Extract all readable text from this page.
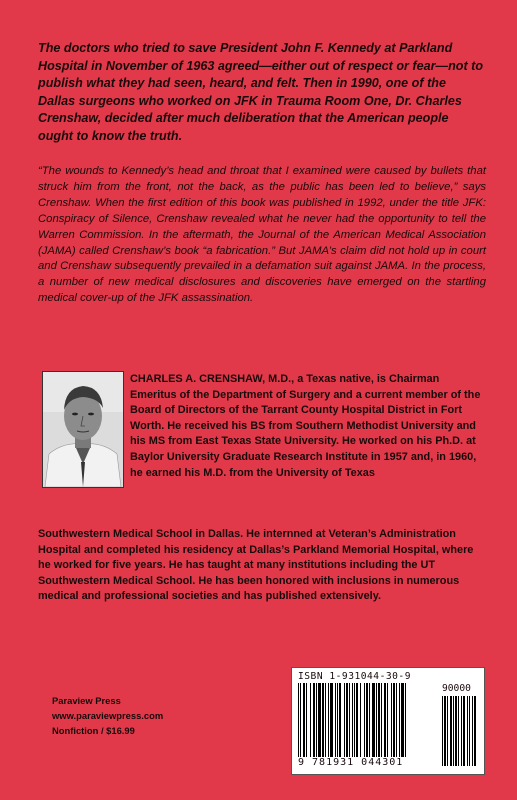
The doctors who tried to save President John F. Kennedy at Parkland Hospital in November of 1963 agreed—either out of respect or fear—not to publish what they had seen, heard, and felt. Then in 1990, one of the Dallas surgeons who worked on JFK in Trauma Room One, Dr. Charles Crenshaw, decided after much deliberation that the American people ought to know the truth.

“The wounds to Kennedy’s head and throat that I examined were caused by bullets that struck him from the front, not the back, as the public has been led to believe,” says Crenshaw. When the first edition of this book was published in 1992, under the title JFK: Conspiracy of Silence, Crenshaw revealed what he never had the opportunity to tell the Warren Commission. In the aftermath, the Journal of the American Medical Association (JAMA) called Crenshaw’s book “a fabrication.” But JAMA’s claim did not hold up in court and Crenshaw subsequently prevailed in a defamation suit against JAMA. In the process, a number of new medical disclosures and discoveries have emerged on the startling medical cover-up of the JFK assassination.

CHARLES A. CRENSHAW, M.D., a Texas native, is Chairman Emeritus of the Department of Surgery and a current member of the Board of Directors of the Tarrant County Hospital District in Fort Worth. He received his BS from Southern Methodist University and his MS from East Texas State University. He worked on his Ph.D. at Baylor University Graduate Research Institute in 1957 and, in 1960, he earned his M.D. from the University of Texas

Southwestern Medical School in Dallas. He internned at Veteran’s Administration Hospital and completed his residency at Dallas’s Parkland Memorial Hospital, where he worked for five years. He has taught at many institutions including the UT Southwestern Medical School. He has been honored with inclusions in numerous medical and professional societies and has published extensively.

Paraview Press
www.paraviewpress.com
Nonfiction / $16.99
ISBN 1-931044-30-9
90000
9 781931 044301
